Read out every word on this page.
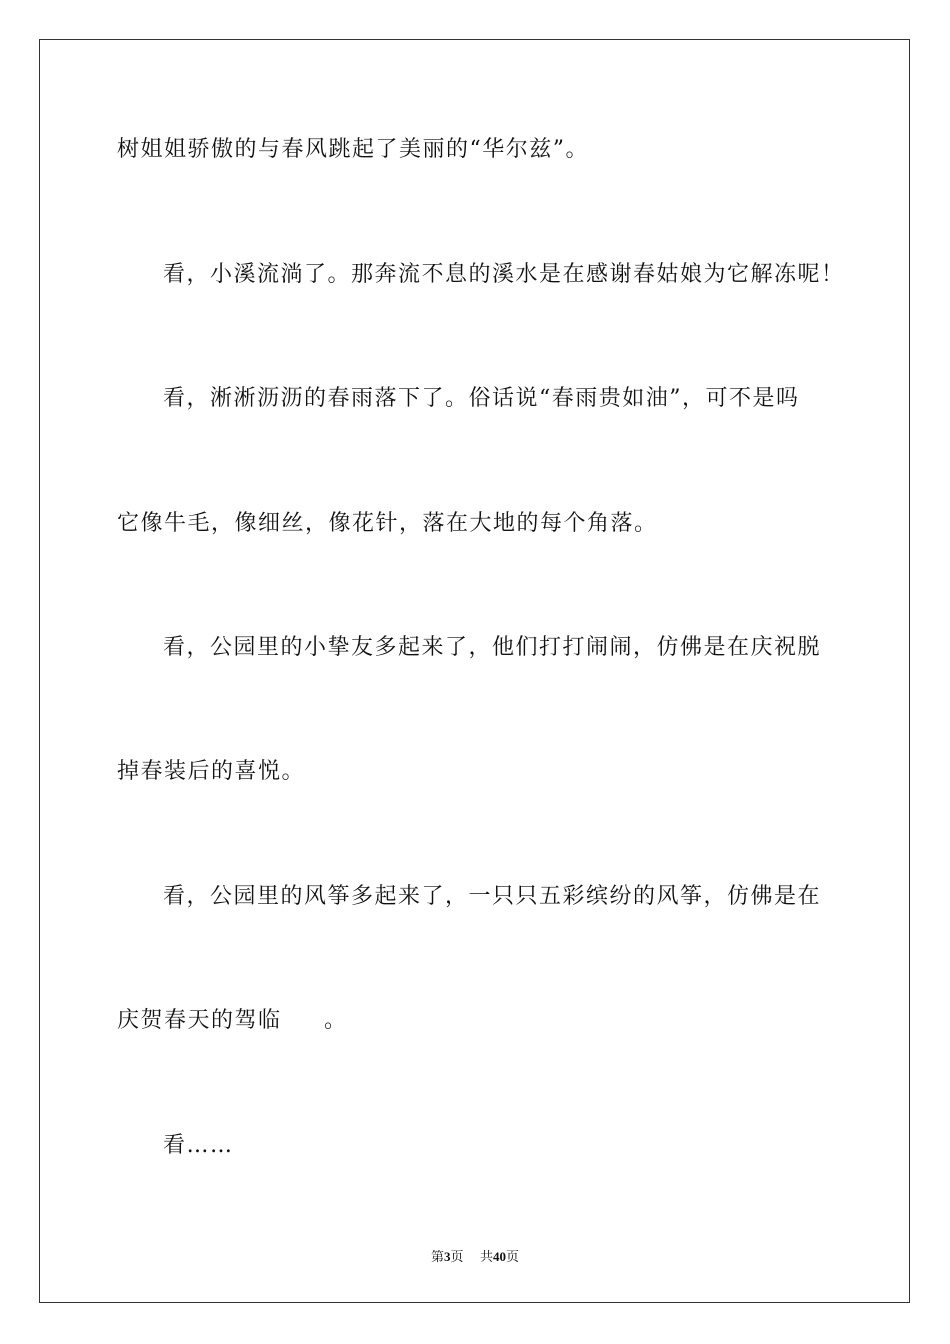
树姐姐骄傲的与春风跳起了美丽的“华尔兹”。
看，小溪流淌了。那奔流不息的溪水是在感谢春姑娘为它解冻呢！
看，淅淅沥沥的春雨落下了。俗话说“春雨贵如油”，可不是吗
它像牛毛，像细丝，像花针，落在大地的每个角落。
看，公园里的小挚友多起来了，他们打打闹闹，仿佛是在庆祝脱
掉春装后的喜悦。
看，公园里的风筝多起来了，一只只五彩缤纷的风筝，仿佛是在
庆贺春天的驾临     。
看……
第3页 共40页
